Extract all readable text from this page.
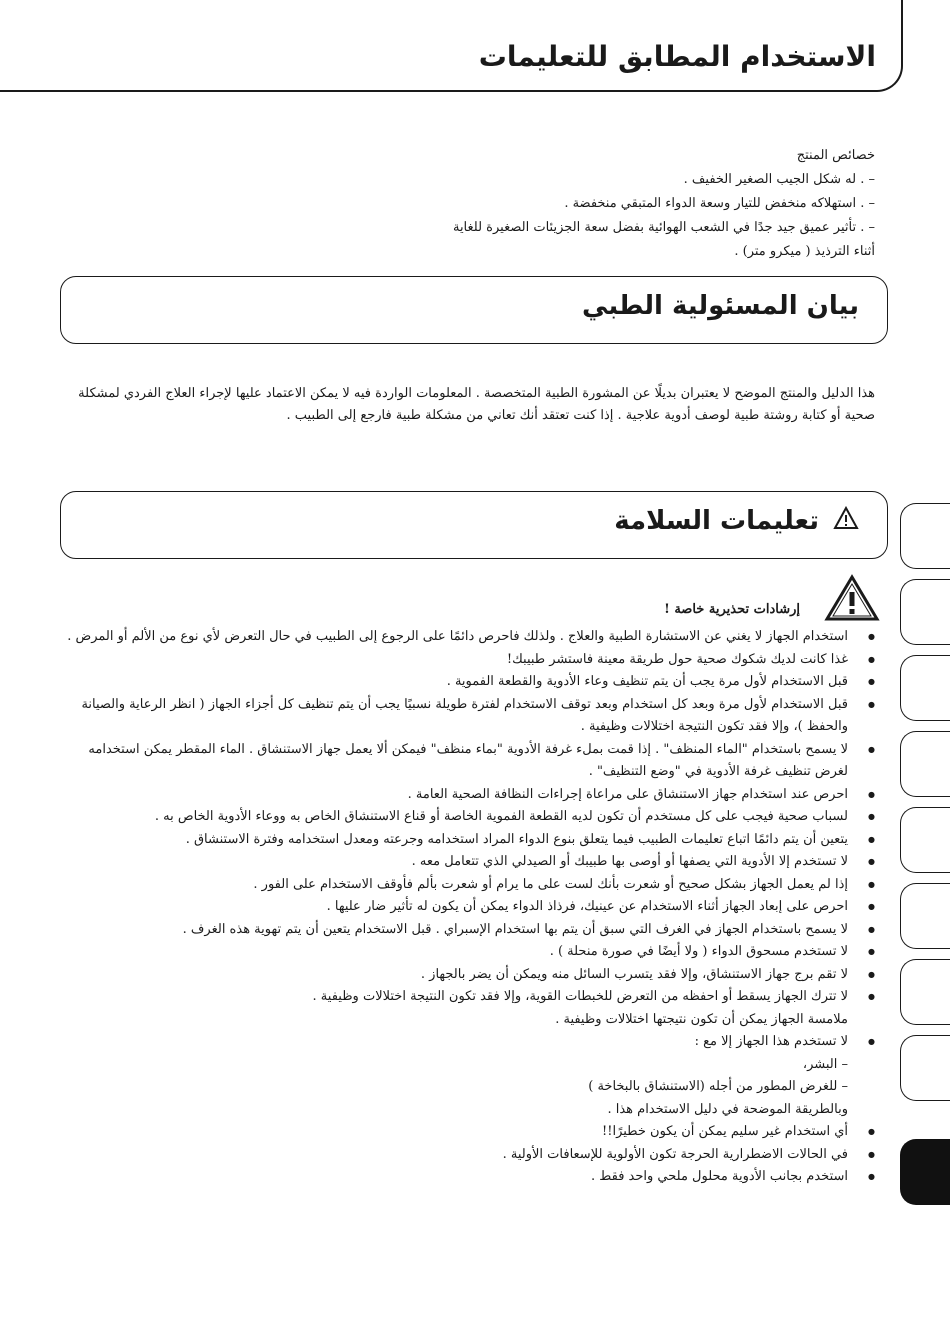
الاستخدام المطابق للتعليمات
خصائص المنتج
– . له شكل الجيب الصغير الخفيف .
– . استهلاكه منخفض للتيار وسعة الدواء المتبقي منخفضة .
– . تأثير عميق جيد جدًا في الشعب الهوائية بفضل سعة الجزيئات الصغيرة للغاية
أثناء الترذيذ ( ميكرو متر) .
بيان المسئولية الطبي

هذا الدليل والمنتج الموضح لا يعتبران بديلًا عن المشورة الطبية المتخصصة . المعلومات الواردة فيه لا يمكن الاعتماد عليها لإجراء العلاج الفردي لمشكلة صحية أو كتابة روشتة طبية لوصف أدوية علاجية . إذا كنت تعتقد أنك تعاني من مشكلة طبية فارجع إلى الطبيب .

تعليمات السلامة
إرشادات تحذيرية خاصة !
● استخدام الجهاز لا يغني عن الاستشارة الطبية والعلاج . ولذلك فاحرص دائمًا على الرجوع إلى الطبيب في حال التعرض لأي نوع من الألم أو المرض .
● غذا كانت لديك شكوك صحية حول طريقة معينة فاستشر طبيبك!
● قبل الاستخدام لأول مرة يجب أن يتم تنظيف وعاء الأدوية والقطعة الفموية .
● قبل الاستخدام لأول مرة وبعد كل استخدام وبعد توقف الاستخدام لفترة طويلة نسبيًا يجب أن يتم تنظيف كل أجزاء الجهاز ( انظر الرعاية والصيانة والحفظ )، وإلا فقد تكون النتيجة اختلالات وظيفية .
● لا يسمح باستخدام "الماء المنظف" . إذا قمت بملء غرفة الأدوية "بماء منظف" فيمكن ألا يعمل جهاز الاستنشاق . الماء المقطر يمكن استخدامه لغرض تنظيف غرفة الأدوية في "وضع التنظيف" .
● احرص عند استخدام جهاز الاستنشاق على مراعاة إجراءات النظافة الصحية العامة .
● لسباب صحية فيجب على كل مستخدم أن تكون لديه القطعة الفموية الخاصة أو قناع الاستنشاق الخاص به ووعاء الأدوية الخاص به .
● يتعين أن يتم دائمًا اتباع تعليمات الطبيب فيما يتعلق بنوع الدواء المراد استخدامه وجرعته ومعدل استخدامه وفترة الاستنشاق .
● لا تستخدم إلا الأدوية التي يصفها أو أوصى بها طبيبك أو الصيدلي الذي تتعامل معه .
● إذا لم يعمل الجهاز بشكل صحيح أو شعرت بأنك لست على ما يرام أو شعرت بألم فأوقف الاستخدام على الفور .
● احرص على إبعاد الجهاز أثناء الاستخدام عن عينيك، فرذاذ الدواء يمكن أن يكون له تأثير ضار عليها .
● لا يسمح باستخدام الجهاز في الغرف التي سبق أن يتم بها استخدام الإسبراي . قبل الاستخدام يتعين أن يتم تهوية هذه الغرف .
● لا تستخدم مسحوق الدواء ( ولا أيضًا في صورة منحلة ) .
● لا تقم برج جهاز الاستنشاق، وإلا فقد يتسرب السائل منه ويمكن أن يضر بالجهاز .
● لا تترك الجهاز يسقط أو احفظه من التعرض للخبطات القوية، وإلا فقد تكون النتيجة اختلالات وظيفية .
ملامسة الجهاز يمكن أن تكون نتيجتها اختلالات وظيفية .
● لا تستخدم هذا الجهاز إلا مع :
– البشر،
– للغرض المطور من أجله (الاستنشاق بالبخاخة )
وبالطريقة الموضحة في دليل الاستخدام هذا .
● أي استخدام غير سليم يمكن أن يكون خطيرًا!!
● في الحالات الاضطرارية الحرجة تكون الأولوية للإسعافات الأولية .
● استخدم بجانب الأدوية محلول ملحي واحد فقط .
